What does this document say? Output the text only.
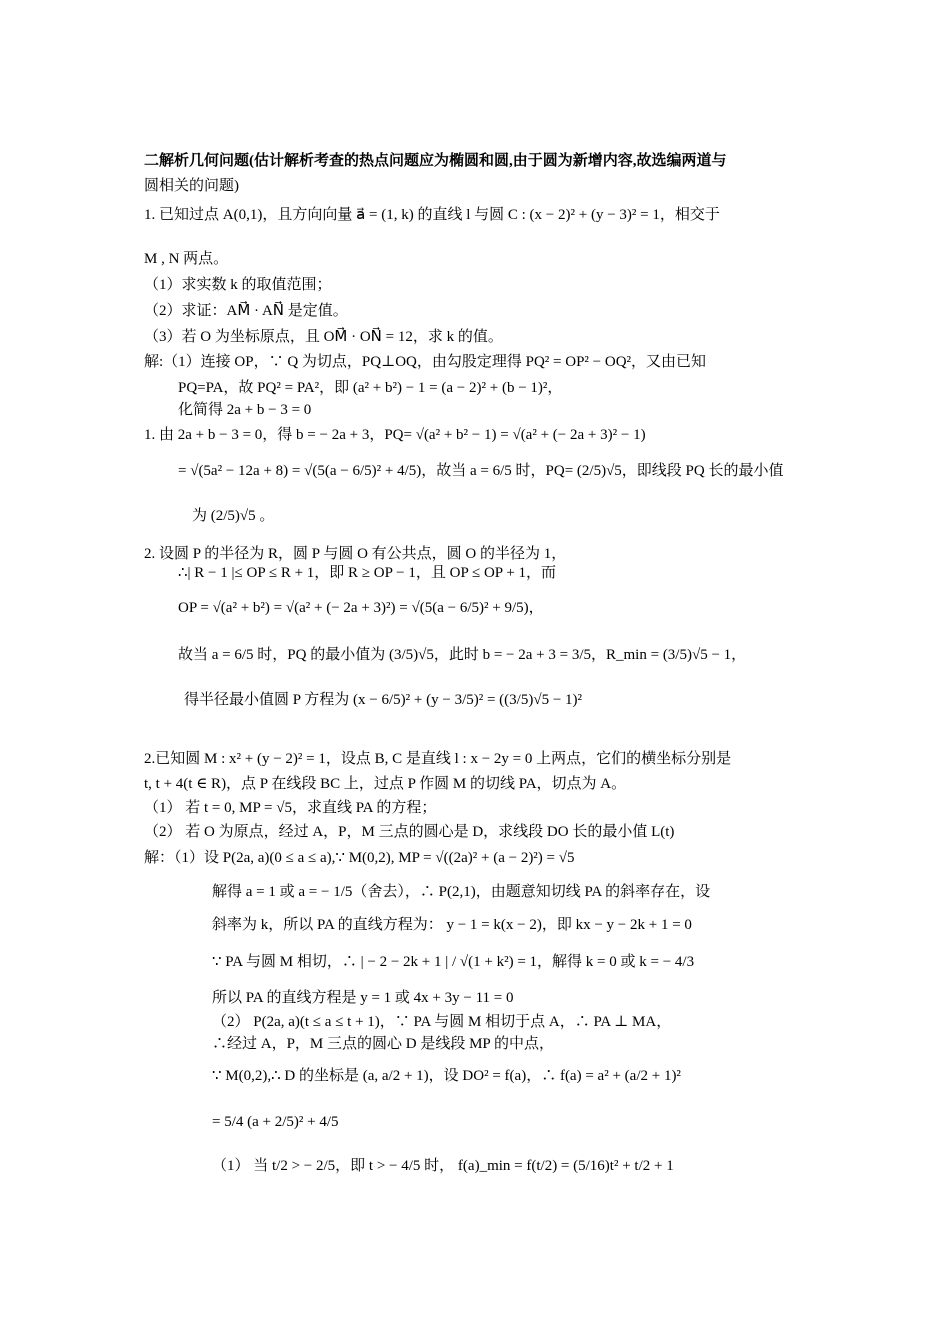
二解析几何问题(估计解析考查的热点问题应为椭圆和圆,由于圆为新增内容,故选编两道与
圆相关的问题)
1. 已知过点 A(0,1)，且方向向量 a⃗ = (1, k) 的直线 l 与圆 C : (x − 2)² + (y − 3)² = 1，相交于
M , N 两点。
（1）求实数 k 的取值范围；
（2）求证：AM⃗ · AN⃗ 是定值。
（3）若 O 为坐标原点，且 OM⃗ · ON⃗ = 12，求 k 的值。
解:（1）连接 OP，∵ Q 为切点，PQ⊥OQ，由勾股定理得 PQ² = OP² − OQ²，又由已知
PQ=PA，故 PQ² = PA²，即 (a² + b²) − 1 = (a − 2)² + (b − 1)²，
化简得 2a + b − 3 = 0
1. 由 2a + b − 3 = 0，得 b = − 2a + 3，PQ= √(a² + b² − 1) = √(a² + (− 2a + 3)² − 1)
= √(5a² − 12a + 8) = √(5(a − 6/5)² + 4/5)，故当 a = 6/5 时，PQ= (2/5)√5，即线段 PQ 长的最小值
为 (2/5)√5 。
2. 设圆 P 的半径为 R，圆 P 与圆 O 有公共点，圆 O 的半径为 1，
∴| R − 1 |≤ OP ≤ R + 1，即 R ≥ OP − 1，且 OP ≤ OP + 1，而
OP = √(a² + b²) = √(a² + (− 2a + 3)²) = √(5(a − 6/5)² + 9/5)，
故当 a = 6/5 时，PQ 的最小值为 (3/5)√5，此时 b = − 2a + 3 = 3/5，R_min = (3/5)√5 − 1，
得半径最小值圆 P 方程为 (x − 6/5)² + (y − 3/5)² = ((3/5)√5 − 1)²
2.已知圆 M : x² + (y − 2)² = 1，设点 B, C 是直线 l : x − 2y = 0 上两点，它们的横坐标分别是
t, t + 4(t ∈ R)，点 P 在线段 BC 上，过点 P 作圆 M 的切线 PA，切点为 A。
（1） 若 t = 0, MP = √5，求直线 PA 的方程；
（2） 若 O 为原点，经过 A，P，M 三点的圆心是 D，求线段 DO 长的最小值 L(t)
解：（1）设 P(2a, a)(0 ≤ a ≤ a),∵ M(0,2), MP = √((2a)² + (a − 2)²) = √5
解得 a = 1 或 a = − 1/5（舍去），∴ P(2,1)，由题意知切线 PA 的斜率存在，设
斜率为 k，所以 PA 的直线方程为： y − 1 = k(x − 2)，即 kx − y − 2k + 1 = 0
∵ PA 与圆 M 相切，∴ | − 2 − 2k + 1 | / √(1 + k²) = 1，解得 k = 0 或 k = − 4/3
所以 PA 的直线方程是 y = 1 或 4x + 3y − 11 = 0
（2） P(2a, a)(t ≤ a ≤ t + 1)，∵ PA 与圆 M 相切于点 A，∴ PA ⊥ MA，
∴经过 A，P，M 三点的圆心 D 是线段 MP 的中点，
∵ M(0,2),∴ D 的坐标是 (a, a/2 + 1)，设 DO² = f(a)，∴ f(a) = a² + (a/2 + 1)²
= 5/4 (a + 2/5)² + 4/5
（1） 当 t/2 > − 2/5，即 t > − 4/5 时， f(a)_min = f(t/2) = (5/16)t² + t/2 + 1
